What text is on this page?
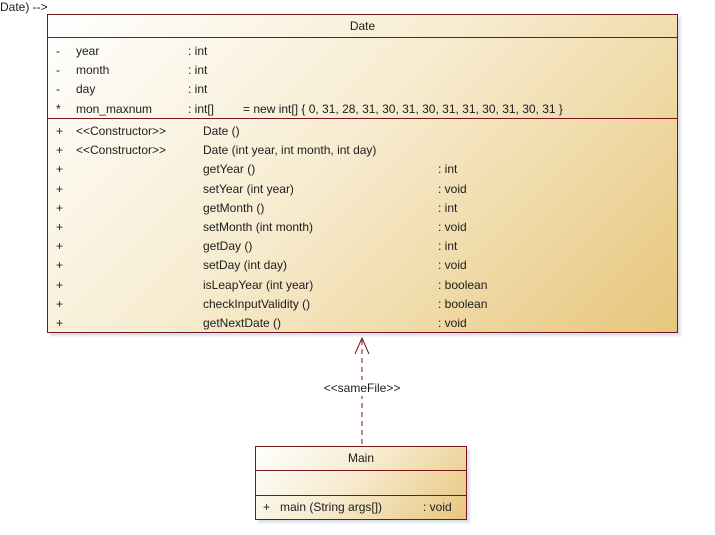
Date
- year	: int
- month	: int
- day	: int
* mon_maxnum	: int[] = new int[] { 0, 31, 28, 31, 30, 31, 30, 31, 31, 30, 31, 30, 31 }
+ <<Constructor>>	Date ()
+ <<Constructor>>	Date (int year, int month, int day)
+	getYear ()	: int
+	setYear (int year)	: void
+	getMonth ()	: int
+	setMonth (int month)	: void
+	getDay ()	: int
+	setDay (int day)	: void
+	isLeapYear (int year)	: boolean
+	checkInputValidity ()	: boolean
+	getNextDate ()	: void
Date) -->
<<sameFile>>
Main
+ main (String args[])	: void
